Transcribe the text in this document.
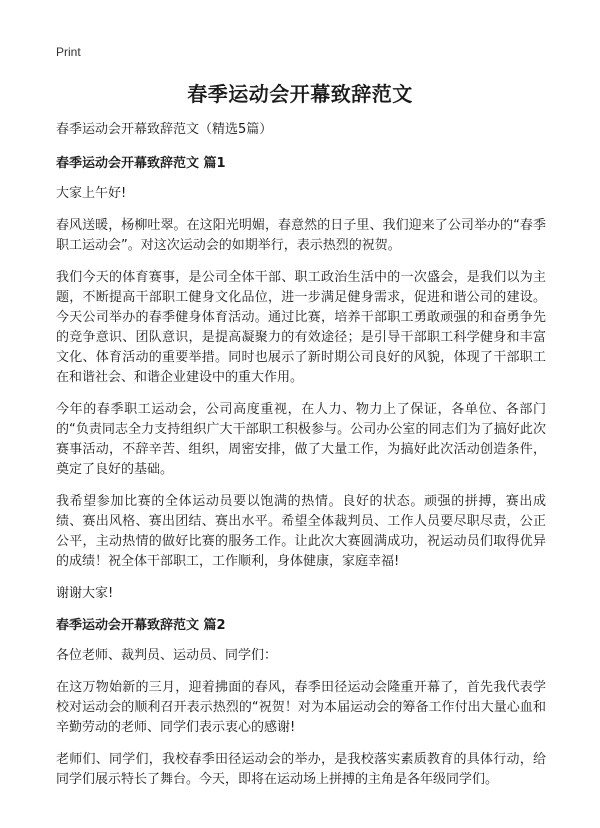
Print
春季运动会开幕致辞范文

春季运动会开幕致辞范文（精选5篇）

春季运动会开幕致辞范文 篇1

大家上午好!

春风送暖，杨柳吐翠。在这阳光明媚，春意然的日子里、我们迎来了公司举办的“春季职工运动会”。对这次运动会的如期举行，表示热烈的祝贺。

我们今天的体育赛事，是公司全体干部、职工政治生活中的一次盛会，是我们以为主题，不断提高干部职工健身文化品位，进一步满足健身需求，促进和谐公司的建设。今天公司举办的春季健身体育活动。通过比赛，培养干部职工勇敢顽强的和奋勇争先的竞争意识、团队意识，是提高凝聚力的有效途径；是引导干部职工科学健身和丰富文化、体育活动的重要举措。同时也展示了新时期公司良好的风貌，体现了干部职工在和谐社会、和谐企业建设中的重大作用。

今年的春季职工运动会，公司高度重视，在人力、物力上了保证，各单位、各部门的“负责同志全力支持组织广大干部职工积极参与。公司办公室的同志们为了搞好此次赛事活动，不辞辛苦、组织，周密安排，做了大量工作，为搞好此次活动创造条件，奠定了良好的基础。

我希望参加比赛的全体运动员要以饱满的热情。良好的状态。顽强的拼搏，赛出成绩、赛出风格、赛出团结、赛出水平。希望全体裁判员、工作人员要尽职尽责，公正公平，主动热情的做好比赛的服务工作。让此次大赛圆满成功，祝运动员们取得优异的成绩！祝全体干部职工，工作顺利，身体健康，家庭幸福!

谢谢大家!

春季运动会开幕致辞范文 篇2

各位老师、裁判员、运动员、同学们：

在这万物始新的三月，迎着拂面的春风，春季田径运动会隆重开幕了，首先我代表学校对运动会的顺利召开表示热烈的“祝贺！对为本届运动会的筹备工作付出大量心血和辛勤劳动的老师、同学们表示衷心的感谢!

老师们、同学们，我校春季田径运动会的举办，是我校落实素质教育的具体行动，给同学们展示特长了舞台。今天，即将在运动场上拼搏的主角是各年级同学们。
